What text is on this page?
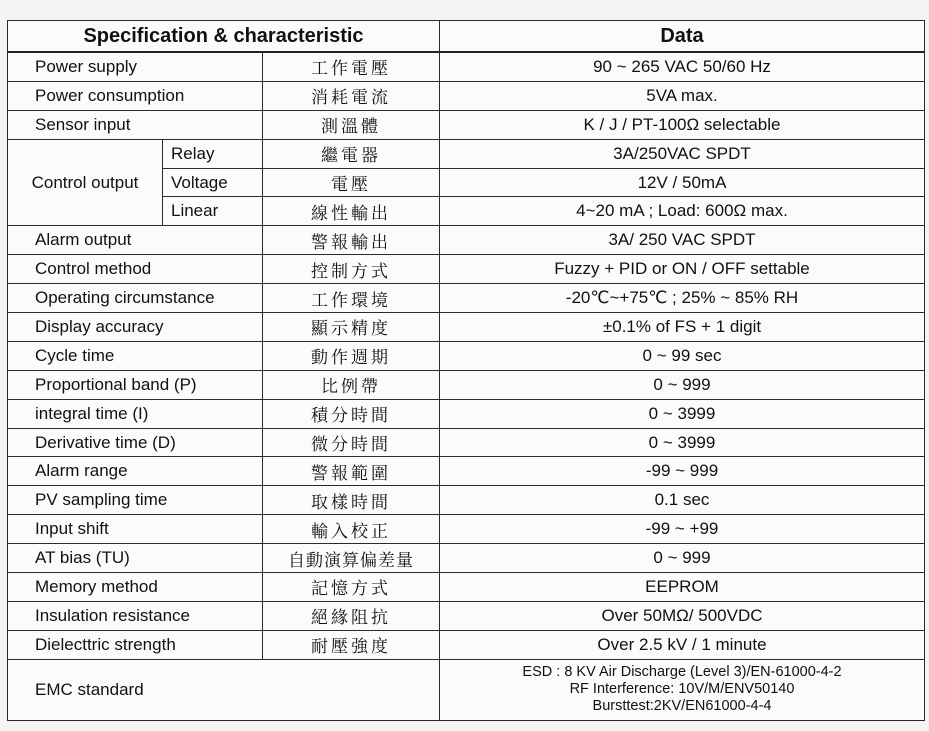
Specification & characteristic			Data
Power supply		工作電壓	90 ~ 265 VAC 50/60 Hz
Power consumption		消耗電流	5VA max.
Sensor input		測溫體	K / J / PT-100Ω selectable
Control output	Relay	繼電器	3A/250VAC SPDT
	Voltage	電壓	12V / 50mA
	Linear	線性輸出	4~20 mA ; Load: 600Ω max.
Alarm output		警報輸出	3A/ 250 VAC SPDT
Control method		控制方式	Fuzzy + PID or ON / OFF settable
Operating circumstance		工作環境	-20℃~+75℃ ; 25% ~ 85% RH
Display accuracy		顯示精度	±0.1% of FS + 1 digit
Cycle time		動作週期	0 ~ 99 sec
Proportional band (P)		比例帶	0 ~ 999
integral time (I)		積分時間	0 ~ 3999
Derivative time (D)		微分時間	0 ~ 3999
Alarm range		警報範圍	-99 ~ 999
PV sampling time		取樣時間	0.1 sec
Input shift		輸入校正	-99 ~ +99
AT bias (TU)		自動演算偏差量	0 ~ 999
Memory method		記憶方式	EEPROM
Insulation resistance		絕緣阻抗	Over 50MΩ/ 500VDC
Dielecttric strength		耐壓強度	Over 2.5 kV / 1 minute
EMC standard			ESD : 8 KV Air Discharge (Level 3)/EN-61000-4-2
RF Interference: 10V/M/ENV50140
Bursttest:2KV/EN61000-4-4
